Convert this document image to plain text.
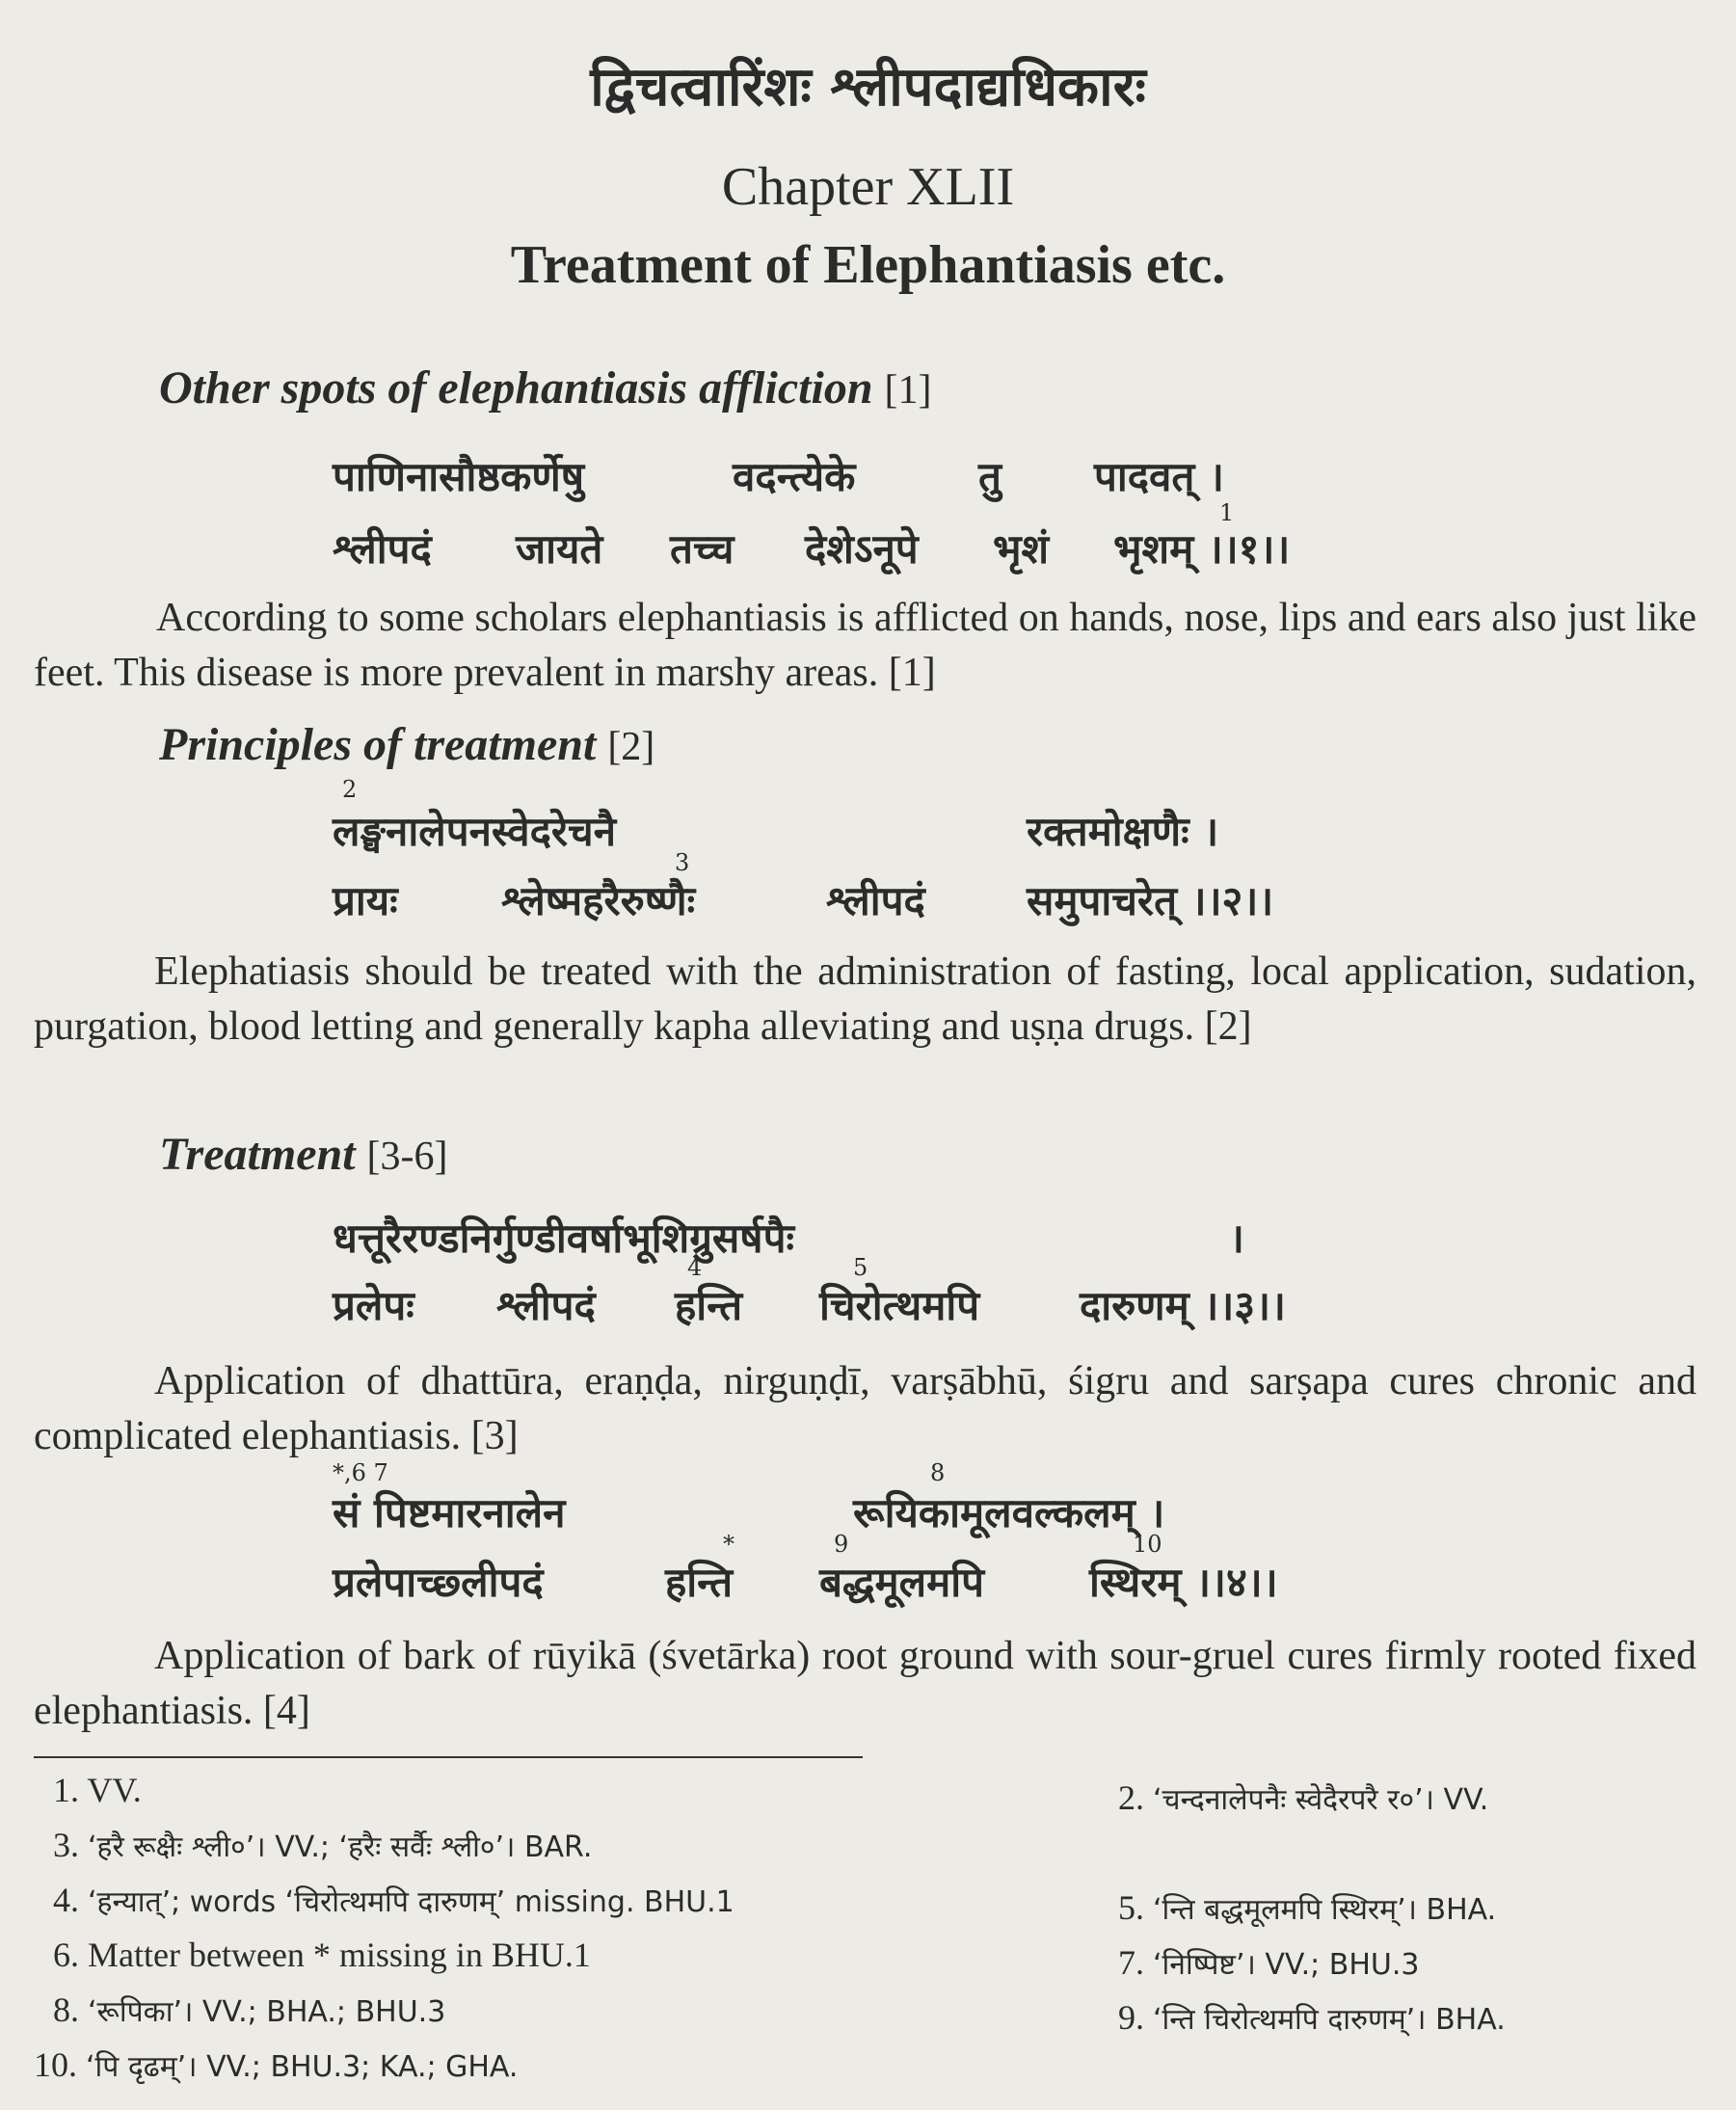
द्विचत्वारिंशः श्लीपदाद्यधिकारः
Chapter XLII
Treatment of Elephantiasis etc.
Other spots of elephantiasis affliction [1]
पाणिनासौष्ठकर्णेषु	वदन्त्येके	तु पादवत् ।
श्लीपदं जायते तच्च देशेऽनूपे भृशं भृशम् ।।१।।
1
According to some scholars elephantiasis is afflicted on hands, nose, lips and ears also just like feet. This disease is more prevalent in marshy areas. [1]
Principles of treatment [2]
2
लङ्घनालेपनस्वेदरेचनै	रक्तमोक्षणैः ।
प्रायः	श्लेष्महरैरुष्णैः
3
श्लीपदं	समुपाचरेत् ।।२।।
Elephatiasis should be treated with the administration of fasting, local application, sudation, purgation, blood letting and generally kapha alleviating and uṣṇa drugs. [2]
Treatment [3-6]
धत्तूरैरण्डनिर्गुण्डीवर्षाभूशिग्रुसर्षपैः	।
प्रलेपः श्लीपदं
4
हन्ति
5
चिरोत्थमपि दारुणम् ।।३।।
Application of dhattūra, eraṇḍa, nirguṇḍī, varṣābhū, śigru and sarṣapa cures chronic and complicated elephantiasis. [3]
*,6 7
सं पिष्टमारनालेन
8
रूयिकामूलवल्कलम् ।
प्रलेपाच्छ्लीपदं
*
हन्ति
9
बद्धमूलमपि
10
स्थिरम् ।।४।।
Application of bark of rūyikā (śvetārka) root ground with sour-gruel cures firmly rooted fixed elephantiasis. [4]
1. VV.	2. ‘चन्दनालेपनैः स्वेदैरपरै र०’। VV.
3. ‘हरै रूक्षैः श्ली०’। VV.; ‘हरैः सर्वैः श्ली०’। BAR.
4. ‘हन्यात्’; words ‘चिरोत्थमपि दारुणम्’ missing. BHU.1	5. ‘न्ति बद्धमूलमपि स्थिरम्’। BHA.
6. Matter between * missing in BHU.1	7. ‘निष्पिष्ट’। VV.; BHU.3
8. ‘रूपिका’। VV.; BHA.; BHU.3	9. ‘न्ति चिरोत्थमपि दारुणम्’। BHA.
10. ‘पि दृढम्’। VV.; BHU.3; KA.; GHA.
